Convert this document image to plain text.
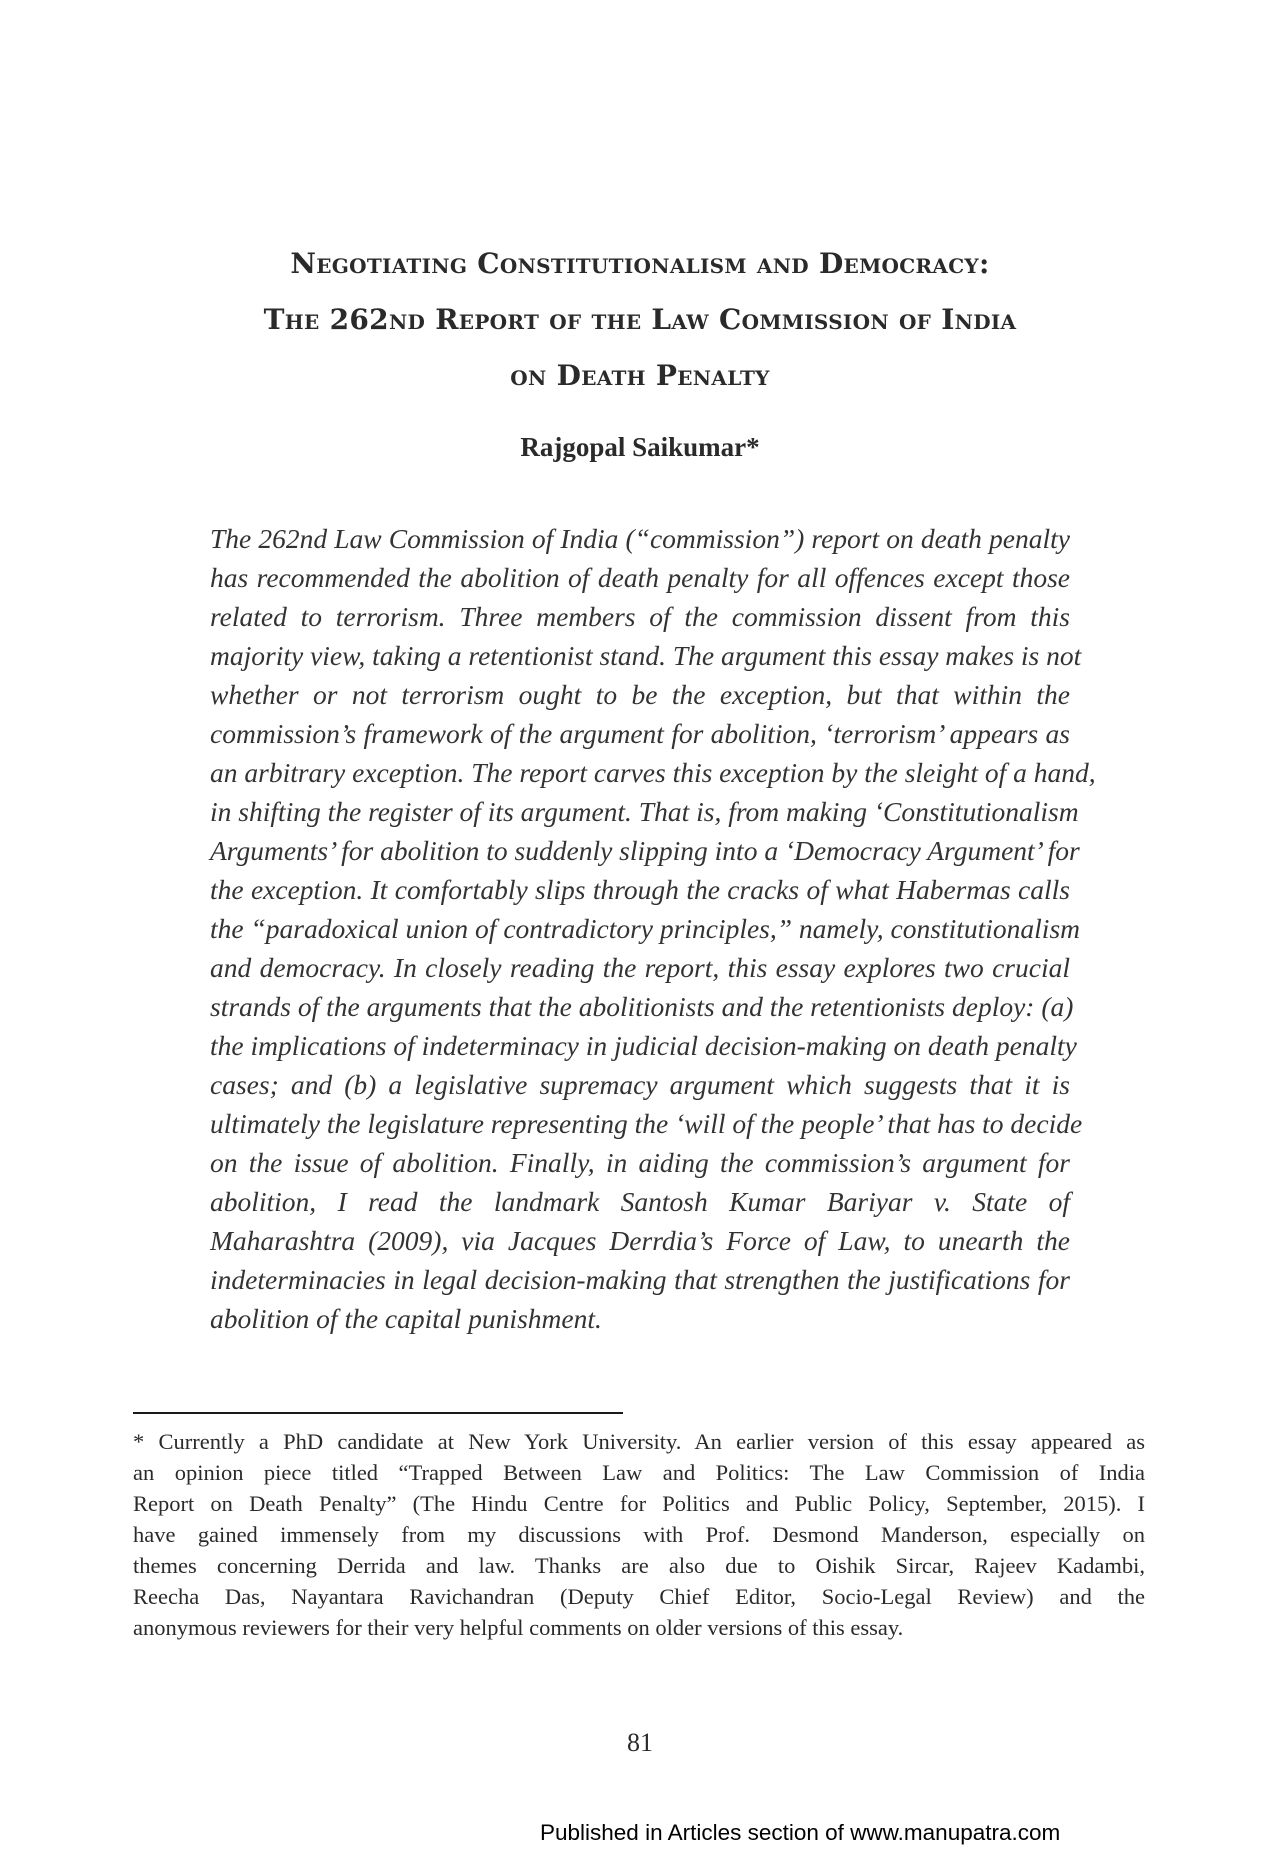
Negotiating Constitutionalism and Democracy:
The 262nd Report of the Law Commission of India
on Death Penalty
Rajgopal Saikumar*
The 262nd Law Commission of India (“commission”) report on death penalty
has recommended the abolition of death penalty for all offences except those
related to terrorism. Three members of the commission dissent from this
majority view, taking a retentionist stand. The argument this essay makes is not
whether or not terrorism ought to be the exception, but that within the
commission’s framework of the argument for abolition, ‘terrorism’ appears as
an arbitrary exception. The report carves this exception by the sleight of a hand,
in shifting the register of its argument. That is, from making ‘Constitutionalism
Arguments’ for abolition to suddenly slipping into a ‘Democracy Argument’ for
the exception. It comfortably slips through the cracks of what Habermas calls
the “paradoxical union of contradictory principles,” namely, constitutionalism
and democracy. In closely reading the report, this essay explores two crucial
strands of the arguments that the abolitionists and the retentionists deploy: (a)
the implications of indeterminacy in judicial decision-making on death penalty
cases; and (b) a legislative supremacy argument which suggests that it is
ultimately the legislature representing the ‘will of the people’ that has to decide
on the issue of abolition. Finally, in aiding the commission’s argument for
abolition, I read the landmark Santosh Kumar Bariyar v. State of
Maharashtra (2009), via Jacques Derrdia’s Force of Law, to unearth the
indeterminacies in legal decision-making that strengthen the justifications for
abolition of the capital punishment.
* Currently a PhD candidate at New York University. An earlier version of this essay appeared as
an opinion piece titled “Trapped Between Law and Politics: The Law Commission of India
Report on Death Penalty” (The Hindu Centre for Politics and Public Policy, September, 2015). I
have gained immensely from my discussions with Prof. Desmond Manderson, especially on
themes concerning Derrida and law. Thanks are also due to Oishik Sircar, Rajeev Kadambi,
Reecha Das, Nayantara Ravichandran (Deputy Chief Editor, Socio-Legal Review) and the
anonymous reviewers for their very helpful comments on older versions of this essay.
81
Published in Articles section of www.manupatra.com
